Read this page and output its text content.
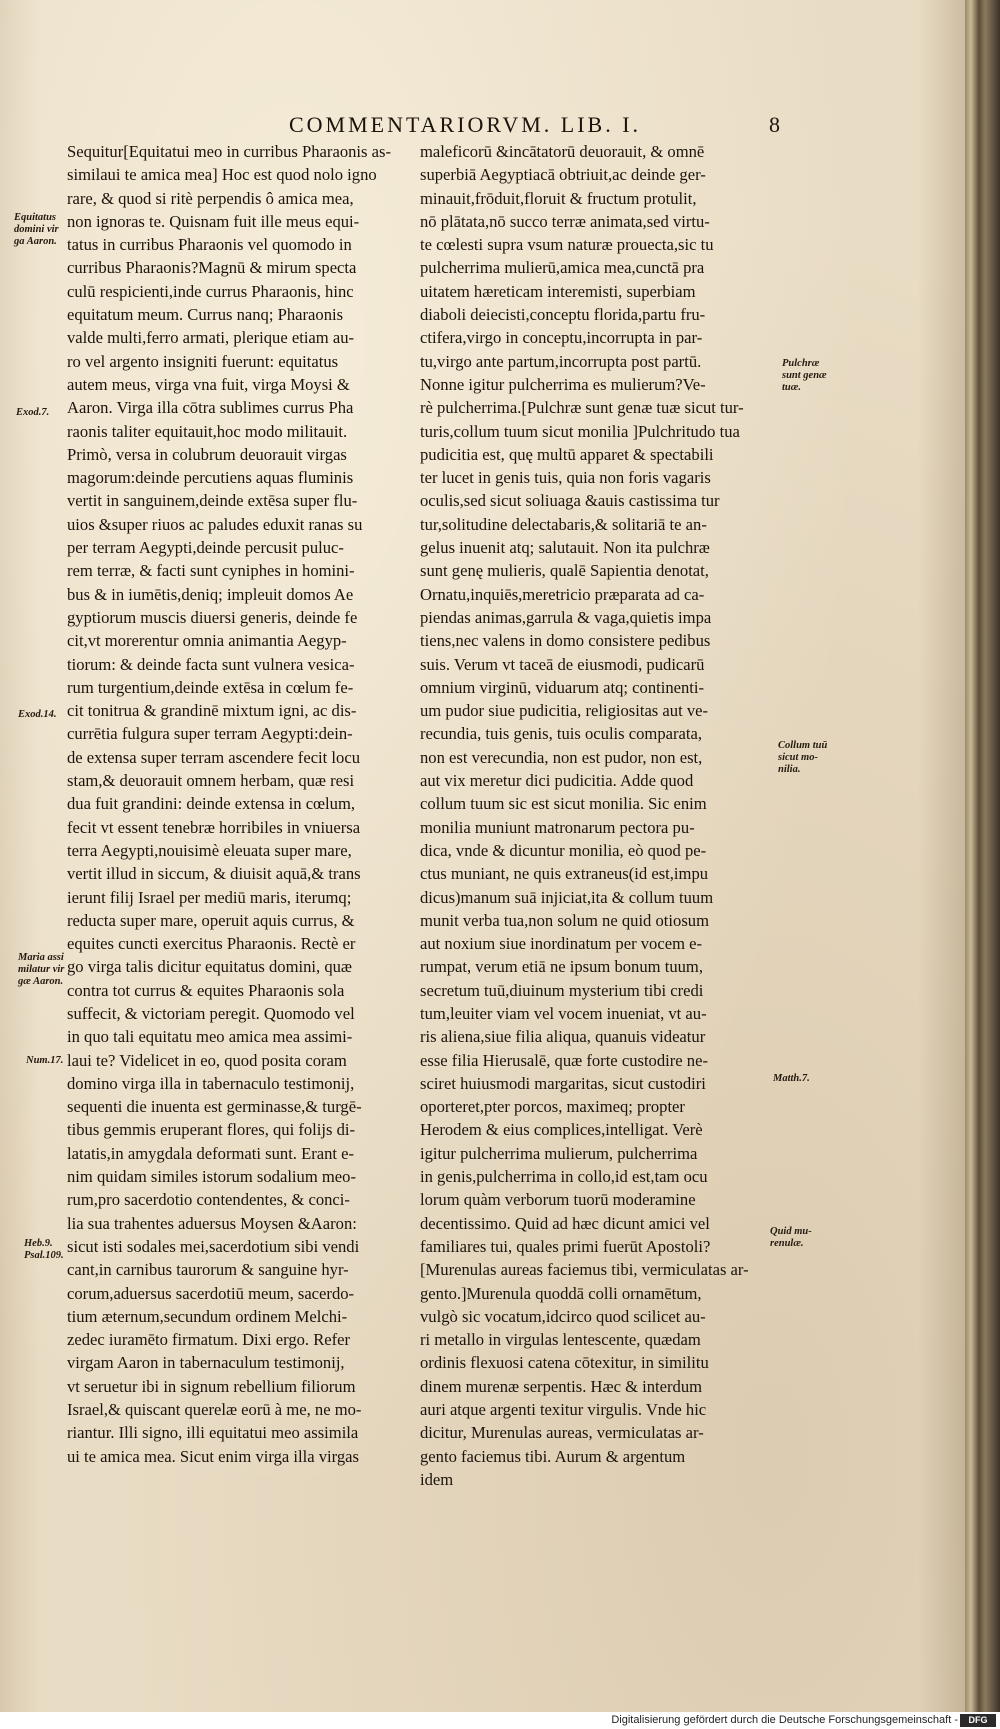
COMMENTARIORVM. LIB. I.	8
Sequitur[Equitatui meo in curribus Pharaonis as-
similaui te amica mea] Hoc est quod nolo igno
rare, & quod si ritè perpendis ô amica mea,
non ignoras te. Quisnam fuit ille meus equi-
tatus in curribus Pharaonis vel quomodo in
curribus Pharaonis?Magnū & mirum specta
culū respicienti,inde currus Pharaonis, hinc
equitatum meum. Currus nanq; Pharaonis
valde multi,ferro armati, plerique etiam au-
ro vel argento insigniti fuerunt: equitatus
autem meus, virga vna fuit, virga Moysi &
Aaron. Virga illa cōtra sublimes currus Pha
raonis taliter equitauit,hoc modo militauit.
Primò, versa in colubrum deuorauit virgas
magorum:deinde percutiens aquas fluminis
vertit in sanguinem,deinde extēsa super flu-
uios &super riuos ac paludes eduxit ranas su
per terram Aegypti,deinde percusit puluc-
rem terræ, & facti sunt cyniphes in homini-
bus & in iumētis,deniq; impleuit domos Ae
gyptiorum muscis diuersi generis, deinde fe
cit,vt morerentur omnia animantia Aegyp-
tiorum: & deinde facta sunt vulnera vesica-
rum turgentium,deinde extēsa in cœlum fe-
cit tonitrua & grandinē mixtum igni, ac dis-
currētia fulgura super terram Aegypti:dein-
de extensa super terram ascendere fecit locu
stam,& deuorauit omnem herbam, quæ resi
dua fuit grandini: deinde extensa in cœlum,
fecit vt essent tenebræ horribiles in vniuersa
terra Aegypti,nouisimè eleuata super mare,
vertit illud in siccum, & diuisit aquā,& trans
ierunt filij Israel per mediū maris, iterumq;
reducta super mare, operuit aquis currus, &
equites cuncti exercitus Pharaonis. Rectè er
go virga talis dicitur equitatus domini, quæ
contra tot currus & equites Pharaonis sola
suffecit, & victoriam peregit. Quomodo vel
in quo tali equitatu meo amica mea assimi-
laui te? Videlicet in eo, quod posita coram
domino virga illa in tabernaculo testimonij,
sequenti die inuenta est germinasse,& turgē-
tibus gemmis eruperant flores, qui folijs di-
latatis,in amygdala deformati sunt. Erant e-
nim quidam similes istorum sodalium meo-
rum,pro sacerdotio contendentes, & conci-
lia sua trahentes aduersus Moysen &Aaron:
sicut isti sodales mei,sacerdotium sibi vendi
cant,in carnibus taurorum & sanguine hyr-
corum,aduersus sacerdotiū meum, sacerdo-
tium æternum,secundum ordinem Melchi-
zedec iuramēto firmatum. Dixi ergo. Refer
virgam Aaron in tabernaculum testimonij,
vt seruetur ibi in signum rebellium filiorum
Israel,& quiscant querelæ eorū à me, ne mo-
riantur. Illi signo, illi equitatui meo assimila
ui te amica mea. Sicut enim virga illa virgas
maleficorū &incātatorū deuorauit, & omnē
superbiā Aegyptiacā obtriuit,ac deinde ger-
minauit,frōduit,floruit & fructum protulit,
nō plātata,nō succo terræ animata,sed virtu-
te cœlesti supra vsum naturæ prouecta,sic tu
pulcherrima mulierū,amica mea,cunctā pra
uitatem hæreticam interemisti, superbiam
diaboli deiecisti,conceptu florida,partu fru-
ctifera,virgo in conceptu,incorrupta in par-
tu,virgo ante partum,incorrupta post partū.
Nonne igitur pulcherrima es mulierum?Ve-
rè pulcherrima.[Pulchræ sunt genæ tuæ sicut tur-
turis,collum tuum sicut monilia ]Pulchritudo tua
pudicitia est, quę multū apparet & spectabili
ter lucet in genis tuis, quia non foris vagaris
oculis,sed sicut soliuaga &auis castissima tur
tur,solitudine delectabaris,& solitariā te an-
gelus inuenit atq; salutauit. Non ita pulchræ
sunt genę mulieris, qualē Sapientia denotat,
Ornatu,inquiēs,meretricio præparata ad ca-
piendas animas,garrula & vaga,quietis impa
tiens,nec valens in domo consistere pedibus
suis. Verum vt taceā de eiusmodi, pudicarū
omnium virginū, viduarum atq; continenti-
um pudor siue pudicitia, religiositas aut ve-
recundia, tuis genis, tuis oculis comparata,
non est verecundia, non est pudor, non est,
aut vix meretur dici pudicitia. Adde quod
collum tuum sic est sicut monilia. Sic enim
monilia muniunt matronarum pectora pu-
dica, vnde & dicuntur monilia, eò quod pe-
ctus muniant, ne quis extraneus(id est,impu
dicus)manum suā injiciat,ita & collum tuum
munit verba tua,non solum ne quid otiosum
aut noxium siue inordinatum per vocem e-
rumpat, verum etiā ne ipsum bonum tuum,
secretum tuū,diuinum mysterium tibi credi
tum,leuiter viam vel vocem inueniat, vt au-
ris aliena,siue filia aliqua, quanuis videatur
esse filia Hierusalē, quæ forte custodire ne-
sciret huiusmodi margaritas, sicut custodiri
oporteret,pter porcos, maximeq; propter
Herodem & eius complices,intelligat. Verè
igitur pulcherrima mulierum, pulcherrima
in genis,pulcherrima in collo,id est,tam ocu
lorum quàm verborum tuorū moderamine
decentissimo. Quid ad hæc dicunt amici vel
familiares tui, quales primi fuerūt Apostoli?
[Murenulas aureas faciemus tibi, vermiculatas ar-
gento.]Murenula quoddā colli ornamētum,
vulgò sic vocatum,idcirco quod scilicet au-
ri metallo in virgulas lentescente, quædam
ordinis flexuosi catena cōtexitur, in similitu
dinem murenæ serpentis. Hæc & interdum
auri atque argenti texitur virgulis. Vnde hic
dicitur, Murenulas aureas, vermiculatas ar-
gento faciemus tibi. Aurum & argentum
idem
Equitatus
domini vir
ga Aaron.
Exod.7.
Exod.14.
Maria assi
milatur vir
gæ Aaron.
Num.17.
Heb.9.
Psal.109.
Pulchræ
sunt genæ
tuæ.
Collum tuū
sicut mo-
nilia.
Matth.7.
Quid mu-
renulæ.
Digitalisierung gefördert durch die Deutsche Forschungsgemeinschaft -	DFG
